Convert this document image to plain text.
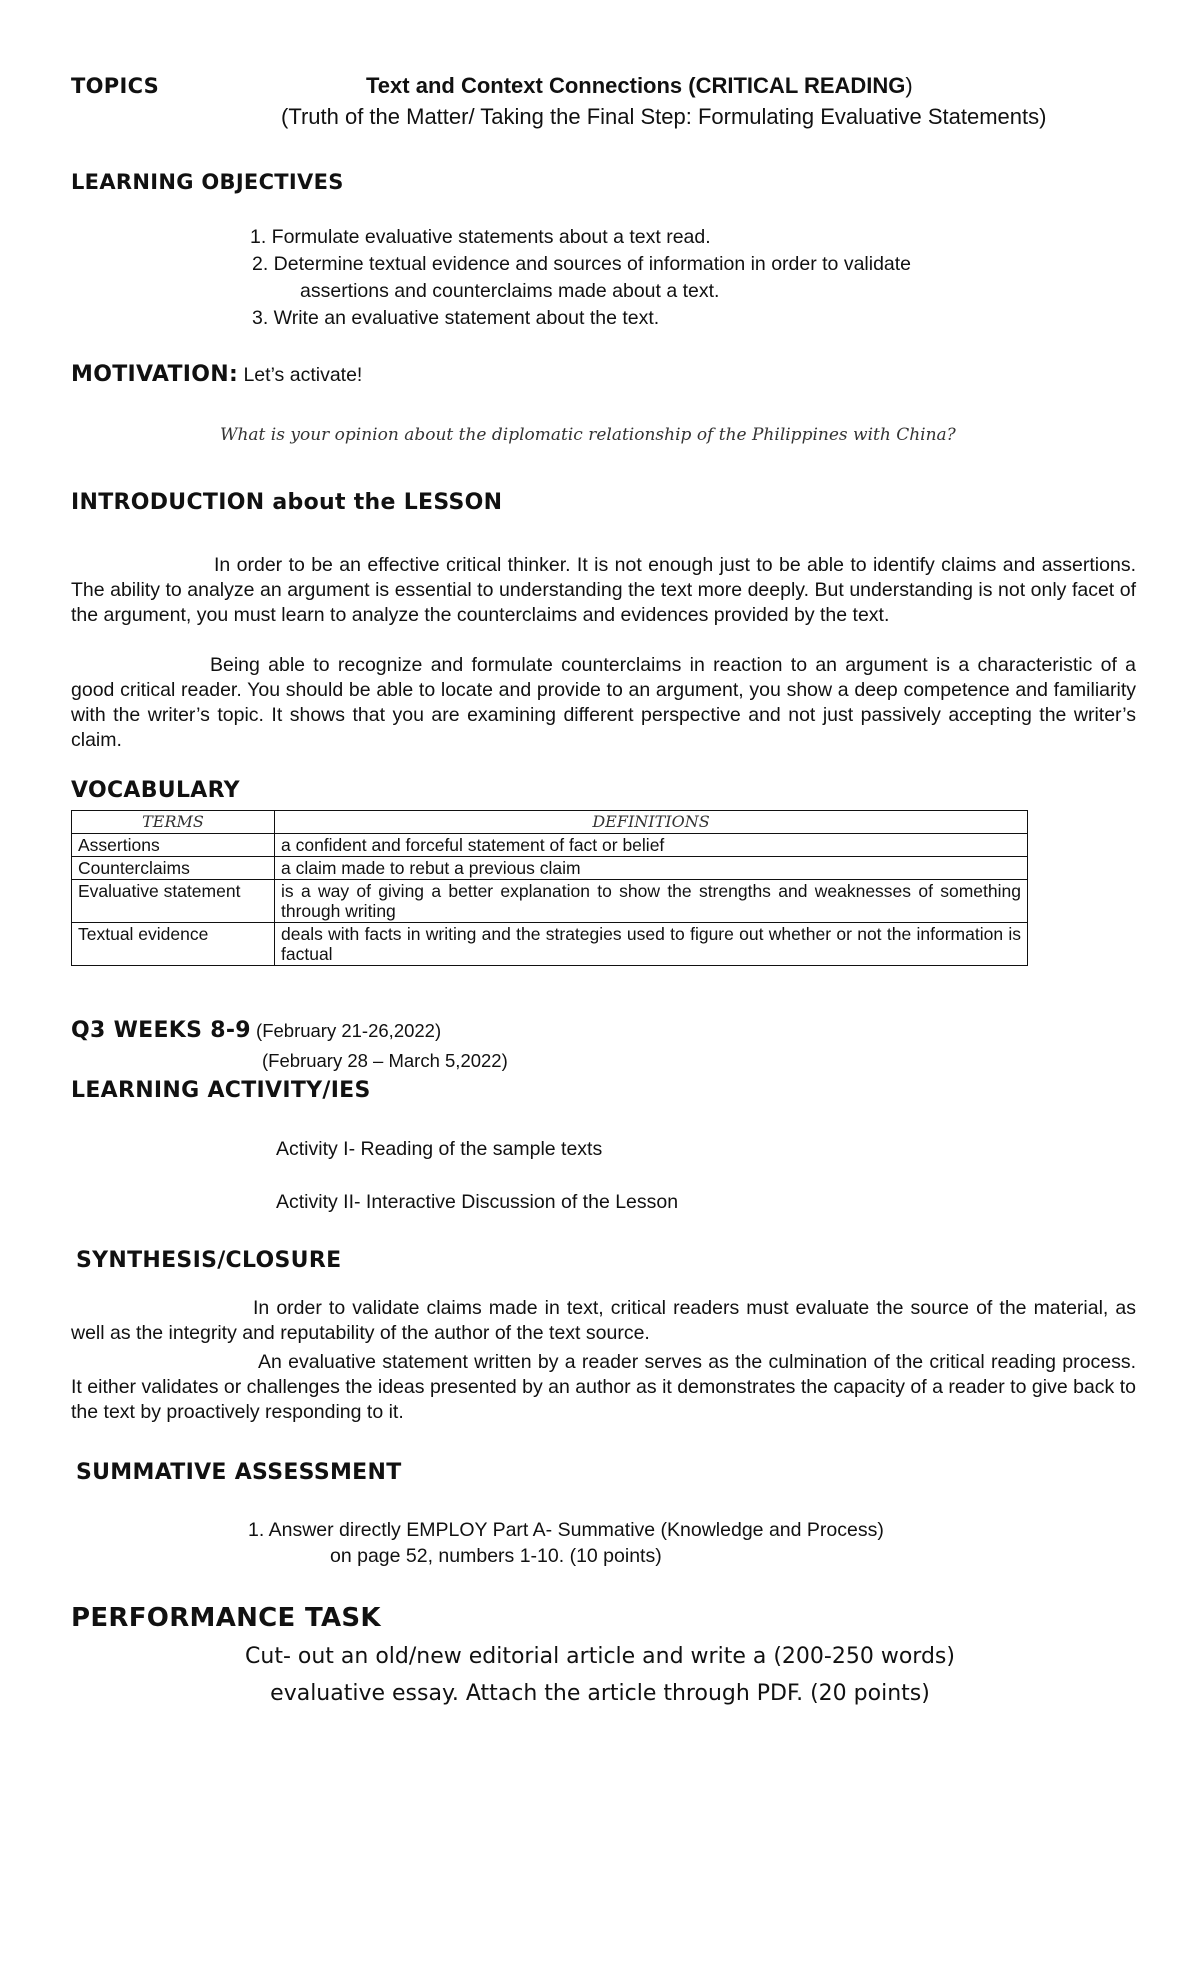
TOPICS	Text and Context Connections (CRITICAL READING)
(Truth of the Matter/ Taking the Final Step: Formulating Evaluative Statements)
LEARNING OBJECTIVES
1. Formulate evaluative statements about a text read.
2. Determine textual evidence and sources of information in order to validate
assertions and counterclaims made about a text.
3. Write an evaluative statement about the text.
MOTIVATION: Let’s activate!
What is your opinion about the diplomatic relationship of the Philippines with China?
INTRODUCTION about the LESSON
In order to be an effective critical thinker. It is not enough just to be able to identify claims and assertions. The ability to analyze an argument is essential to understanding the text more deeply. But understanding is not only facet of the argument, you must learn to analyze the counterclaims and evidences provided by the text.
Being able to recognize and formulate counterclaims in reaction to an argument is a characteristic of a good critical reader. You should be able to locate and provide to an argument, you show a deep competence and familiarity with the writer’s topic. It shows that you are examining different perspective and not just passively accepting the writer’s claim.
VOCABULARY
TERMS	DEFINITIONS
Assertions	a confident and forceful statement of fact or belief
Counterclaims	a claim made to rebut a previous claim
Evaluative statement	is a way of giving a better explanation to show the strengths and weaknesses of something through writing
Textual evidence	deals with facts in writing and the strategies used to figure out whether or not the information is factual
Q3 WEEKS 8-9 (February 21-26,2022)
(February 28 – March 5,2022)
LEARNING ACTIVITY/IES
Activity I- Reading of the sample texts
Activity II- Interactive Discussion of the Lesson
SYNTHESIS/CLOSURE
In order to validate claims made in text, critical readers must evaluate the source of the material, as well as the integrity and reputability of the author of the text source.
An evaluative statement written by a reader serves as the culmination of the critical reading process. It either validates or challenges the ideas presented by an author as it demonstrates the capacity of a reader to give back to the text by proactively responding to it.
SUMMATIVE ASSESSMENT
1. Answer directly EMPLOY Part A- Summative (Knowledge and Process)
on page 52, numbers 1-10. (10 points)
PERFORMANCE TASK
Cut- out an old/new editorial article and write a (200-250 words)
evaluative essay. Attach the article through PDF. (20 points)
